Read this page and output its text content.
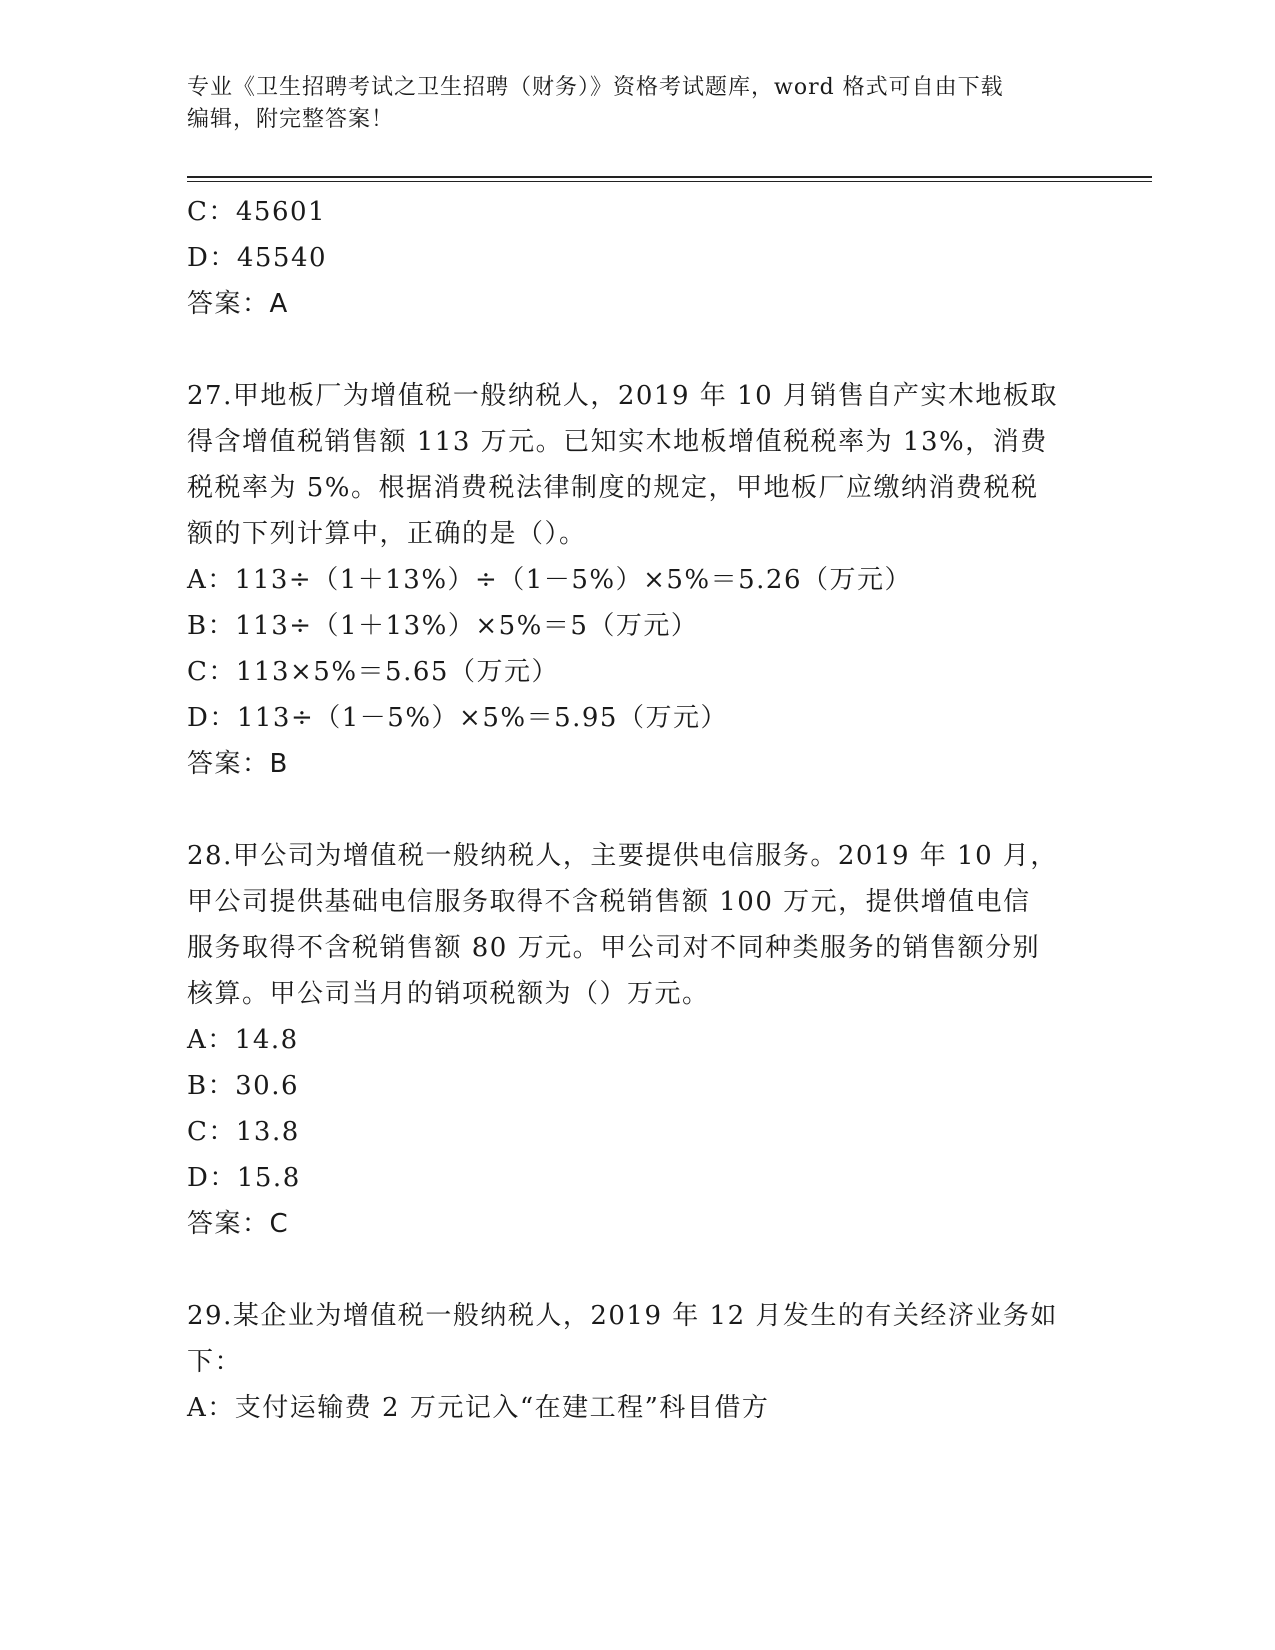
专业《卫生招聘考试之卫生招聘（财务）》资格考试题库，word 格式可自由下载
编辑，附完整答案！

C：45601

D：45540

答案：A

27.甲地板厂为增值税一般纳税人，2019 年 10 月销售自产实木地板取

得含增值税销售额 113 万元。已知实木地板增值税税率为 13%，消费

税税率为 5%。根据消费税法律制度的规定，甲地板厂应缴纳消费税税

额的下列计算中，正确的是（）。

A：113÷（1＋13%）÷（1－5%）×5%＝5.26（万元）

B：113÷（1＋13%）×5%＝5（万元）

C：113×5%＝5.65（万元）

D：113÷（1－5%）×5%＝5.95（万元）

答案：B

28.甲公司为增值税一般纳税人，主要提供电信服务。2019 年 10 月，

甲公司提供基础电信服务取得不含税销售额 100 万元，提供增值电信

服务取得不含税销售额 80 万元。甲公司对不同种类服务的销售额分别

核算。甲公司当月的销项税额为（）万元。

A：14.8

B：30.6

C：13.8

D：15.8

答案：C

29.某企业为增值税一般纳税人，2019 年 12 月发生的有关经济业务如

下：

A：支付运输费 2 万元记入“在建工程”科目借方
